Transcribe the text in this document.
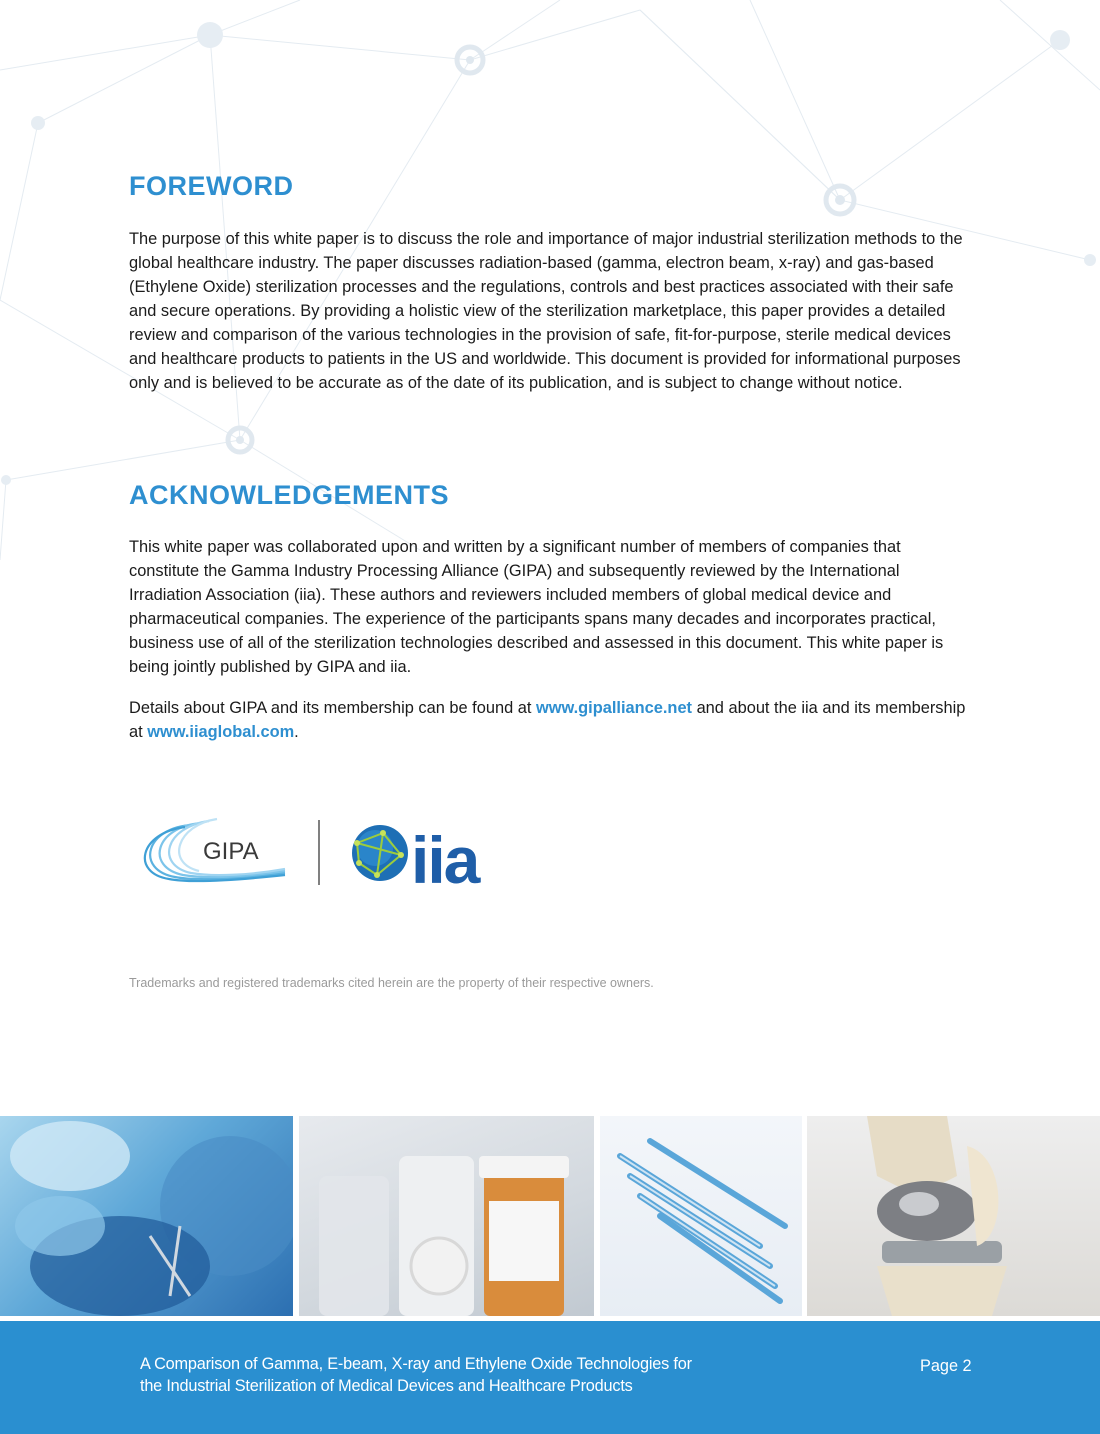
FOREWORD

The purpose of this white paper is to discuss the role and importance of major industrial sterilization methods to the global healthcare industry. The paper discusses radiation-based (gamma, electron beam, x-ray) and gas-based (Ethylene Oxide) sterilization processes and the regulations, controls and best practices associated with their safe and secure operations. By providing a holistic view of the sterilization marketplace, this paper provides a detailed review and comparison of the various technologies in the provision of safe, fit-for-purpose, sterile medical devices and healthcare products to patients in the US and worldwide. This document is provided for informational purposes only and is believed to be accurate as of the date of its publication, and is subject to change without notice.

ACKNOWLEDGEMENTS

This white paper was collaborated upon and written by a significant number of members of companies that constitute the Gamma Industry Processing Alliance (GIPA) and subsequently reviewed by the International Irradiation Association (iia). These authors and reviewers included members of global medical device and pharmaceutical companies. The experience of the participants spans many decades and incorporates practical, business use of all of the sterilization technologies described and assessed in this document. This white paper is being jointly published by GIPA and iia.

Details about GIPA and its membership can be found at www.gipalliance.net and about the iia and its membership at www.iiaglobal.com.

GIPA iia
Trademarks and registered trademarks cited herein are the property of their respective owners.
A Comparison of Gamma, E-beam, X-ray and Ethylene Oxide Technologies for
the Industrial Sterilization of Medical Devices and Healthcare Products
Page 2
